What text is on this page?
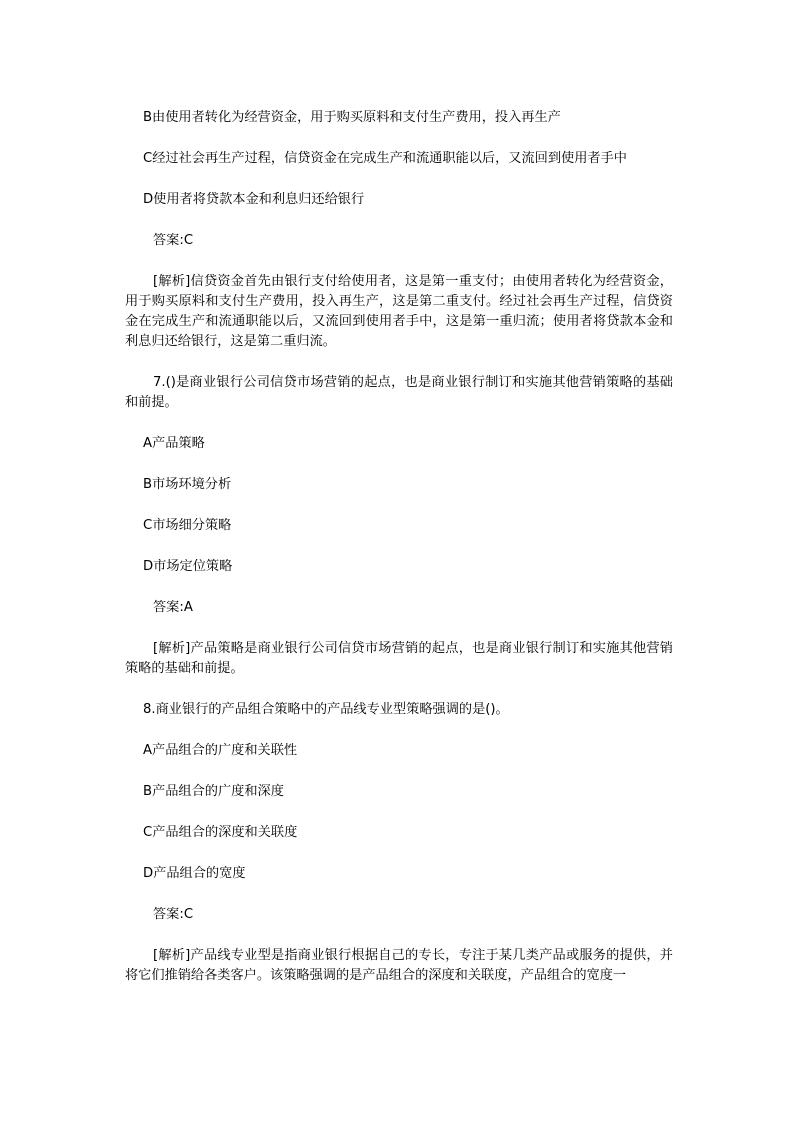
B由使用者转化为经营资金，用于购买原料和支付生产费用，投入再生产

C经过社会再生产过程，信贷资金在完成生产和流通职能以后，又流回到使用者手中

D使用者将贷款本金和利息归还给银行

答案:C

[解析]信贷资金首先由银行支付给使用者，这是第一重支付；由使用者转化为经营资金，用于购买原料和支付生产费用，投入再生产，这是第二重支付。经过社会再生产过程，信贷资金在完成生产和流通职能以后，又流回到使用者手中，这是第一重归流；使用者将贷款本金和利息归还给银行，这是第二重归流。

7.()是商业银行公司信贷市场营销的起点，也是商业银行制订和实施其他营销策略的基础和前提。

A产品策略

B市场环境分析

C市场细分策略

D市场定位策略

答案:A

[解析]产品策略是商业银行公司信贷市场营销的起点，也是商业银行制订和实施其他营销策略的基础和前提。

8.商业银行的产品组合策略中的产品线专业型策略强调的是()。

A产品组合的广度和关联性

B产品组合的广度和深度

C产品组合的深度和关联度

D产品组合的宽度

答案:C

[解析]产品线专业型是指商业银行根据自己的专长，专注于某几类产品或服务的提供，并将它们推销给各类客户。该策略强调的是产品组合的深度和关联度，产品组合的宽度一
